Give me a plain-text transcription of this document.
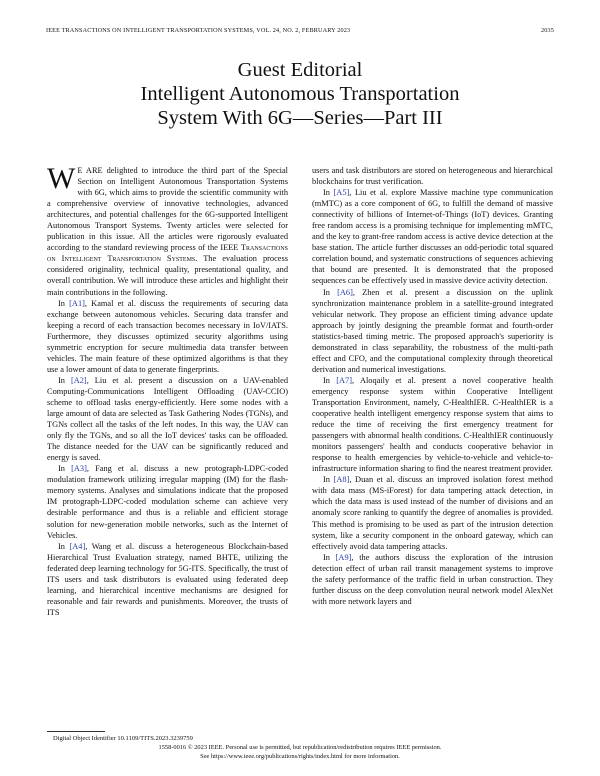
IEEE TRANSACTIONS ON INTELLIGENT TRANSPORTATION SYSTEMS, VOL. 24, NO. 2, FEBRUARY 2023	2035
Guest Editorial
Intelligent Autonomous Transportation
System With 6G—Series—Part III

W E ARE delighted to introduce the third part of the Special Section on Intelligent Autonomous Transportation Systems with 6G, which aims to provide the scientific community with a comprehensive overview of innovative technologies, advanced architectures, and potential challenges for the 6G-supported Intelligent Autonomous Transport Systems. Twenty articles were selected for publication in this issue. All the articles were rigorously evaluated according to the standard reviewing process of the IEEE Transactions on Intelligent Transportation Systems. The evaluation process considered originality, technical quality, presentational quality, and overall contribution. We will introduce these articles and highlight their main contributions in the following.

In [A1], Kamal et al. discuss the requirements of securing data exchange between autonomous vehicles. Securing data transfer and keeping a record of each transaction becomes necessary in IoV/IATS. Furthermore, they discusses optimized security algorithms using symmetric encryption for secure multimedia data transfer between vehicles. The main feature of these optimized algorithms is that they use a lower amount of data to generate fingerprints.

In [A2], Liu et al. present a discussion on a UAV-enabled Computing-Communications Intelligent Offloading (UAV-CCIO) scheme to offload tasks energy-efficiently. Here some nodes with a large amount of data are selected as Task Gathering Nodes (TGNs), and TGNs collect all the tasks of the left nodes. In this way, the UAV can only fly the TGNs, and so all the IoT devices' tasks can be offloaded. The distance needed for the UAV can be significantly reduced and energy is saved.

In [A3], Fang et al. discuss a new protograph-LDPC-coded modulation framework utilizing irregular mapping (IM) for the flash-memory systems. Analyses and simulations indicate that the proposed IM protograph-LDPC-coded modulation scheme can achieve very desirable performance and thus is a reliable and efficient storage solution for new-generation mobile networks, such as the Internet of Vehicles.

In [A4], Wang et al. discuss a heterogeneous Blockchain-based Hierarchical Trust Evaluation strategy, named BHTE, utilizing the federated deep learning technology for 5G-ITS. Specifically, the trust of ITS users and task distributors is evaluated using federated deep learning, and hierarchical incentive mechanisms are designed for reasonable and fair rewards and punishments. Moreover, the trusts of ITS

users and task distributors are stored on heterogeneous and hierarchical blockchains for trust verification.

In [A5], Liu et al. explore Massive machine type communication (mMTC) as a core component of 6G, to fulfill the demand of massive connectivity of billions of Internet-of-Things (IoT) devices. Granting free random access is a promising technique for implementing mMTC, and the key to grant-free random access is active device detection at the base station. The article further discusses an odd-periodic total squared correlation bound, and systematic constructions of sequences achieving that bound are presented. It is demonstrated that the proposed sequences can be effectively used in massive device activity detection.

In [A6], Zhen et al. present a discussion on the uplink synchronization maintenance problem in a satellite-ground integrated vehicular network. They propose an efficient timing advance update approach by jointly designing the preamble format and fourth-order statistics-based timing metric. The proposed approach's superiority is demonstrated in class separability, the robustness of the multi-path effect and CFO, and the computational complexity through theoretical derivation and numerical investigations.

In [A7], Aloqaily et al. present a novel cooperative health emergency response system within Cooperative Intelligent Transportation Environment, namely, C-HealthIER. C-HealthIER is a cooperative health intelligent emergency response system that aims to reduce the time of receiving the first emergency treatment for passengers with abnormal health conditions. C-HealthIER continuously monitors passengers' health and conducts cooperative behavior in response to health emergencies by vehicle-to-vehicle and vehicle-to-infrastructure information sharing to find the nearest treatment provider.

In [A8], Duan et al. discuss an improved isolation forest method with data mass (MS-iForest) for data tampering attack detection, in which the data mass is used instead of the number of divisions and an anomaly score ranking to quantify the degree of anomalies is provided. This method is promising to be used as part of the intrusion detection system, like a security component in the onboard gateway, which can effectively avoid data tampering attacks.

In [A9], the authors discuss the exploration of the intrusion detection effect of urban rail transit management systems to improve the safety performance of the traffic field in urban construction. They further discuss on the deep convolution neural network model AlexNet with more network layers and

Digital Object Identifier 10.1109/TITS.2023.3239759
1558-0016 © 2023 IEEE. Personal use is permitted, but republication/redistribution requires IEEE permission.
See https://www.ieee.org/publications/rights/index.html for more information.
